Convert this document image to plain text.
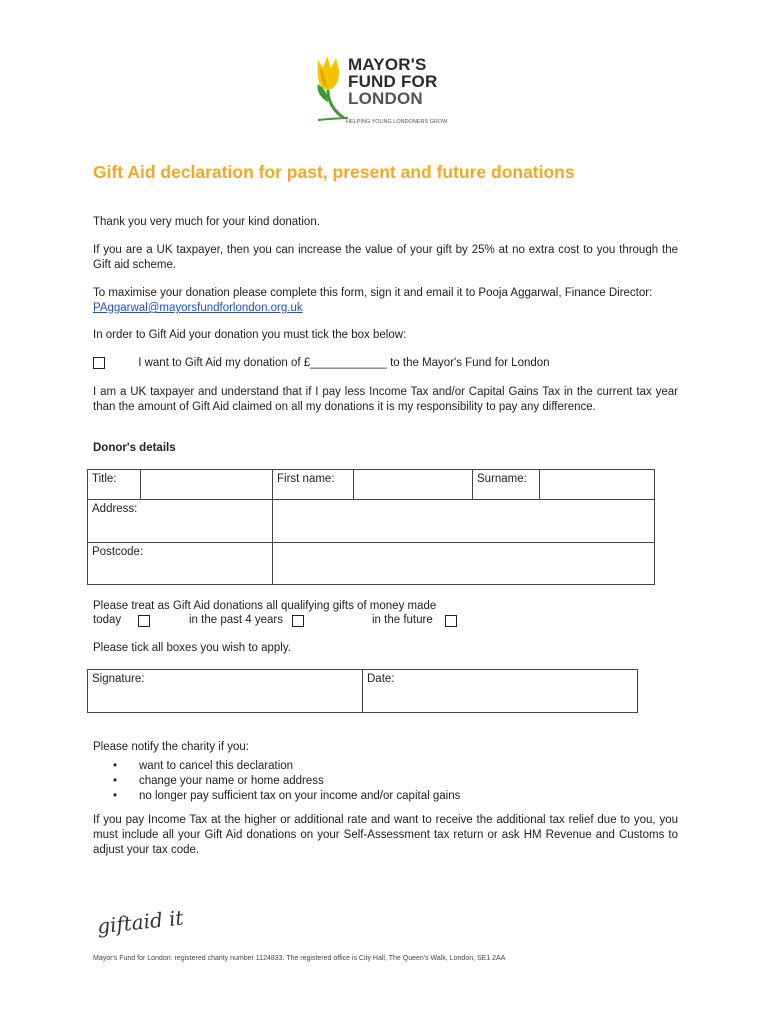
MAYOR'S
FUND FOR
LONDON
HELPING YOUNG LONDONERS GROW
Gift Aid declaration for past, present and future donations

Thank you very much for your kind donation.

If you are a UK taxpayer, then you can increase the value of your gift by 25% at no extra cost to you through the Gift aid scheme.

To maximise your donation please complete this form, sign it and email it to Pooja Aggarwal, Finance Director:
PAggarwal@mayorsfundforlondon.org.uk

In order to Gift Aid your donation you must tick the box below:

I want to Gift Aid my donation of £____________ to the Mayor's Fund for London

I am a UK taxpayer and understand that if I pay less Income Tax and/or Capital Gains Tax in the current tax year than the amount of Gift Aid claimed on all my donations it is my responsibility to pay any difference.

Donor's details

Title:		First name:		Surname:	
Address:					
Postcode:					

Please treat as Gift Aid donations all qualifying gifts of money made

today	in the past 4 years	in the future

Please tick all boxes you wish to apply.

Signature:	Date:

Please notify the charity if you:

• want to cancel this declaration
• change your name or home address
• no longer pay sufficient tax on your income and/or capital gains

If you pay Income Tax at the higher or additional rate and want to receive the additional tax relief due to you, you must include all your Gift Aid donations on your Self-Assessment tax return or ask HM Revenue and Customs to adjust your tax code.

giftaid it
Mayor's Fund for London: registered charity number 1124833. The registered office is City Hall, The Queen's Walk, London, SE1 2AA
